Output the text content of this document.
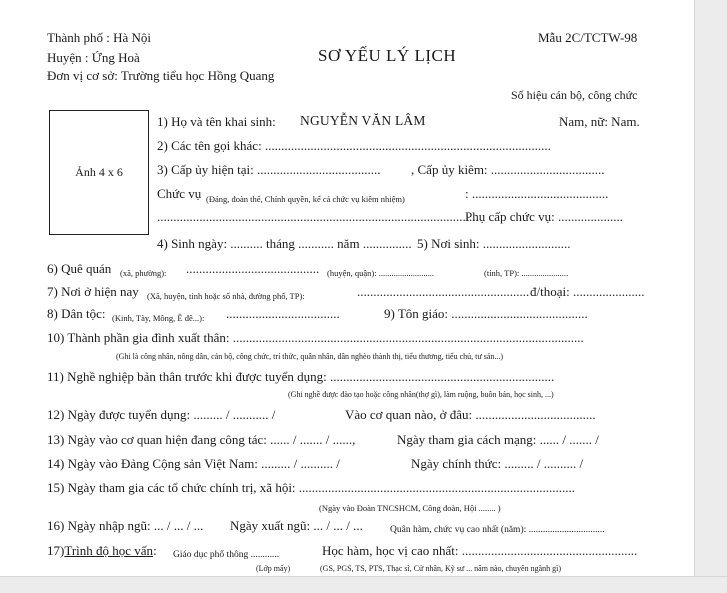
Thành phố : Hà Nội
Huyện : Ứng Hoà
Đơn vị cơ sở: Trường tiểu học Hồng Quang
Mẫu 2C/TCTW-98
SƠ YẾU LÝ LỊCH
Số hiệu cán bộ, công chức
Ảnh 4 x 6
1) Họ và tên khai sinh: NGUYỄN VĂN LÂM	Nam, nữ: Nam.
2) Các tên gọi khác: ........................................................................................
3) Cấp ủy hiện tại: ...................................... , Cấp ủy kiêm: ...................................
Chức vụ (Đảng, đoàn thể, Chính quyền, kể cả chức vụ kiêm nhiệm)	: ..........................................
...................................................................................................
Phụ cấp chức vụ: ....................
4) Sinh ngày: .......... tháng ........... năm ............... 5) Nơi sinh: ...........................
6) Quê quán (xã, phường): ......................................... (huyện, quận): ..........................	(tỉnh, TP): ......................
7) Nơi ở hiện nay (Xã, huyện, tỉnh hoặc số nhà, đường phố, TP):	..................................................... đ/thoại: ......................
8) Dân tộc: (Kinh, Tày, Mông, Ê đê...): ...................................	9) Tôn giáo: ..........................................
10) Thành phần gia đình xuất thân: ............................................................................................................
(Ghi là công nhân, nông dân, cán bộ, công chức, trí thức, quân nhân, dân nghèo thành thị, tiểu thương, tiểu chủ, tư sản...)
11) Nghề nghiệp bản thân trước khi được tuyển dụng: .....................................................................
(Ghi nghề được đào tạo hoặc công nhân(thợ gì), làm ruộng, buôn bán, học sinh, ...)
12) Ngày được tuyển dụng: ......... / ........... /	Vào cơ quan nào, ở đâu: .....................................
13) Ngày vào cơ quan hiện đang công tác: ...... / ....... / ......,	Ngày tham gia cách mạng: ...... / ....... /
14) Ngày vào Đảng Cộng sản Việt Nam: ......... / .......... /	Ngày chính thức: ......... / .......... /
15) Ngày tham gia các tổ chức chính trị, xã hội: .....................................................................................
(Ngày vào Đoàn TNCSHCM, Công đoàn, Hội ........ )
16) Ngày nhập ngũ: ... / ... / ... Ngày xuất ngũ: ... / ... / ...	Quân hàm, chức vụ cao nhất (năm): ................................
17)Trình độ học vấn: Giáo dục phổ thông ............	Học hàm, học vị cao nhất: ......................................................
(Lớp mấy)	(GS, PGS, TS, PTS, Thạc sĩ, Cử nhân, Kỹ sư ... năm nào, chuyên ngành gì)
